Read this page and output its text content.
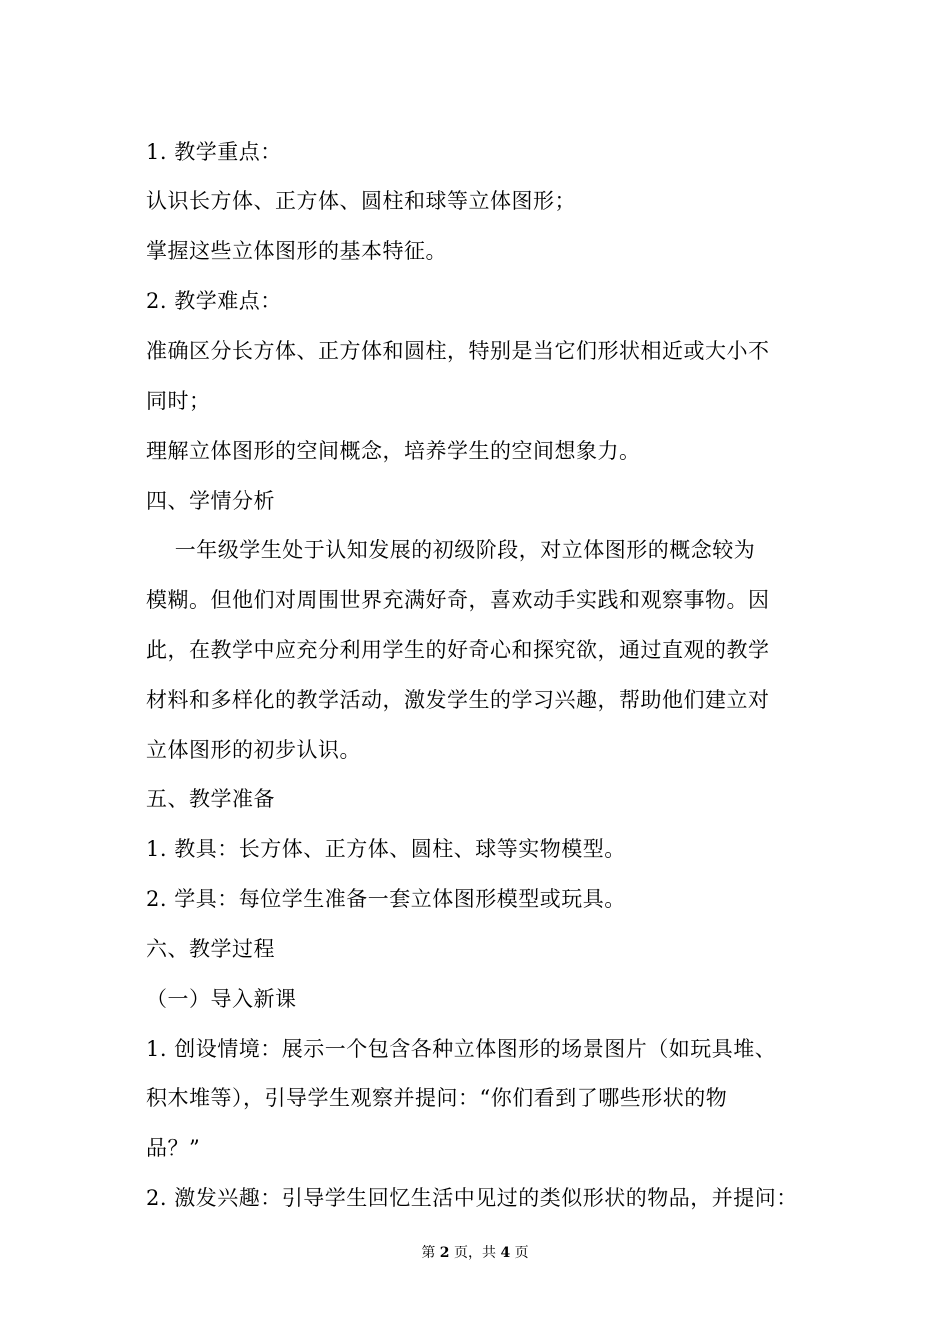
1. 教学重点：
认识长方体、正方体、圆柱和球等立体图形；
掌握这些立体图形的基本特征。
2. 教学难点：
准确区分长方体、正方体和圆柱，特别是当它们形状相近或大小不
同时；
理解立体图形的空间概念，培养学生的空间想象力。
四、学情分析
一年级学生处于认知发展的初级阶段，对立体图形的概念较为
模糊。但他们对周围世界充满好奇，喜欢动手实践和观察事物。因
此，在教学中应充分利用学生的好奇心和探究欲，通过直观的教学
材料和多样化的教学活动，激发学生的学习兴趣，帮助他们建立对
立体图形的初步认识。
五、教学准备
1. 教具：长方体、正方体、圆柱、球等实物模型。
2. 学具：每位学生准备一套立体图形模型或玩具。
六、教学过程
（一）导入新课
1. 创设情境：展示一个包含各种立体图形的场景图片（如玩具堆、
积木堆等），引导学生观察并提问：“你们看到了哪些形状的物
品？”
2. 激发兴趣：引导学生回忆生活中见过的类似形状的物品，并提问：
第 2 页，共 4 页
